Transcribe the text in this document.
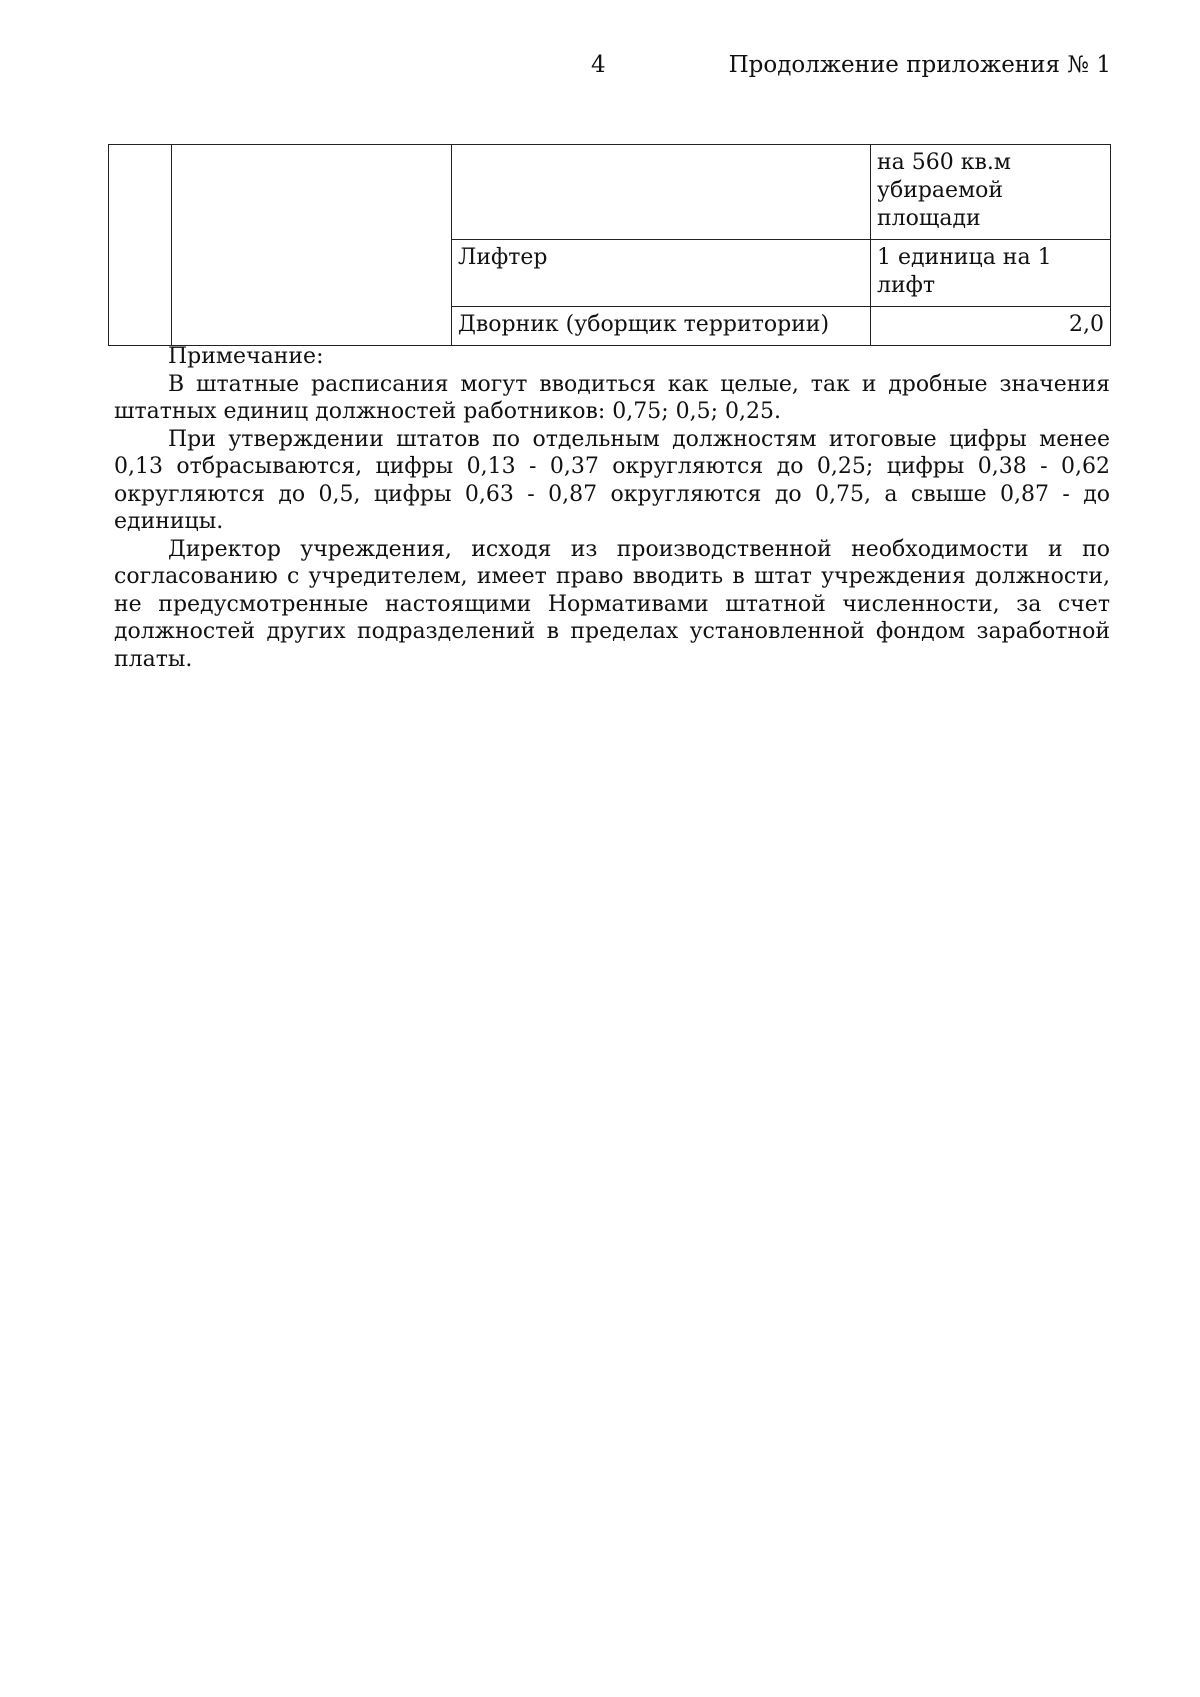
4	Продолжение приложения № 1
			на 560 кв.м
убираемой площади
		Лифтер	1 единица на 1 лифт
		Дворник (уборщик территории)	2,0

Примечание:

В штатные расписания могут вводиться как целые, так и дробные значения штатных единиц должностей работников: 0,75; 0,5; 0,25.

При утверждении штатов по отдельным должностям итоговые цифры менее 0,13 отбрасываются, цифры 0,13 - 0,37 округляются до 0,25; цифры 0,38 - 0,62 округляются до 0,5, цифры 0,63 - 0,87 округляются до 0,75, а свыше 0,87 - до единицы.

Директор учреждения, исходя из производственной необходимости и по согласованию с учредителем, имеет право вводить в штат учреждения должности, не предусмотренные настоящими Нормативами штатной численности, за счет должностей других подразделений в пределах установленной фондом заработной платы.
